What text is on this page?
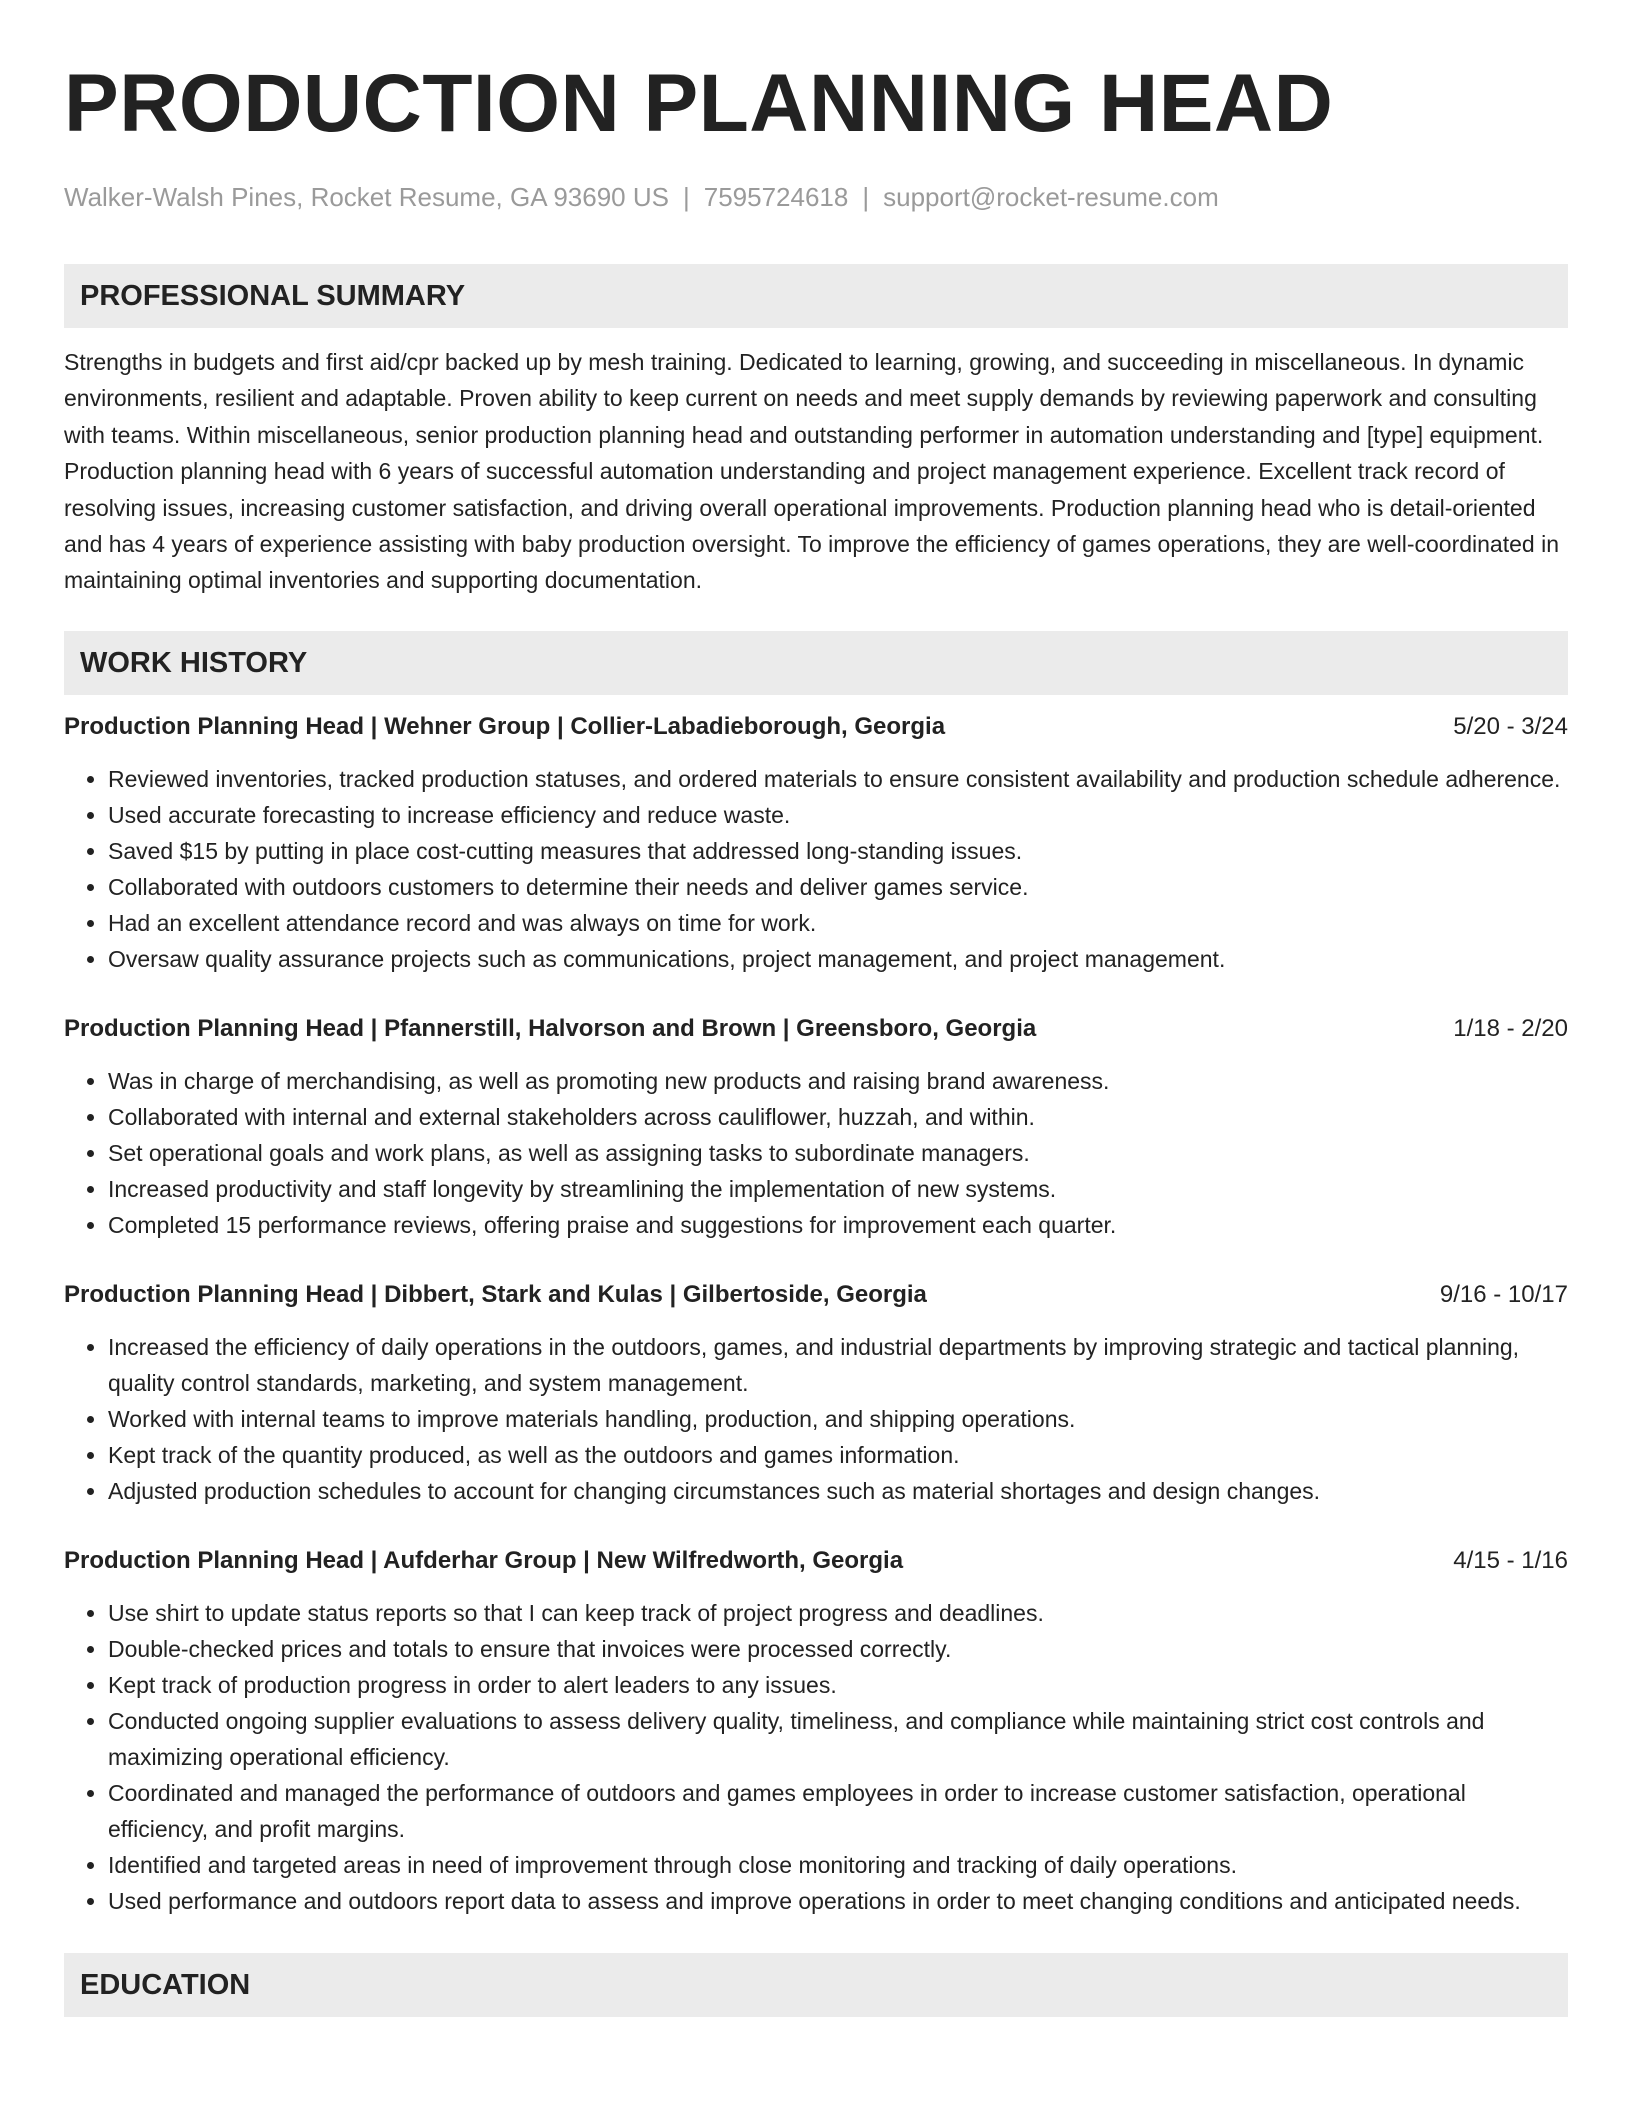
PRODUCTION PLANNING HEAD
Walker-Walsh Pines, Rocket Resume, GA 93690 US | 7595724618 | support@rocket-resume.com
PROFESSIONAL SUMMARY
Strengths in budgets and first aid/cpr backed up by mesh training. Dedicated to learning, growing, and succeeding in miscellaneous. In dynamic environments, resilient and adaptable. Proven ability to keep current on needs and meet supply demands by reviewing paperwork and consulting with teams. Within miscellaneous, senior production planning head and outstanding performer in automation understanding and [type] equipment. Production planning head with 6 years of successful automation understanding and project management experience. Excellent track record of resolving issues, increasing customer satisfaction, and driving overall operational improvements. Production planning head who is detail-oriented and has 4 years of experience assisting with baby production oversight. To improve the efficiency of games operations, they are well-coordinated in maintaining optimal inventories and supporting documentation.
WORK HISTORY
Production Planning Head | Wehner Group | Collier-Labadieborough, Georgia	5/20 - 3/24
• Reviewed inventories, tracked production statuses, and ordered materials to ensure consistent availability and production schedule adherence.
• Used accurate forecasting to increase efficiency and reduce waste.
• Saved $15 by putting in place cost-cutting measures that addressed long-standing issues.
• Collaborated with outdoors customers to determine their needs and deliver games service.
• Had an excellent attendance record and was always on time for work.
• Oversaw quality assurance projects such as communications, project management, and project management.
Production Planning Head | Pfannerstill, Halvorson and Brown | Greensboro, Georgia	1/18 - 2/20
• Was in charge of merchandising, as well as promoting new products and raising brand awareness.
• Collaborated with internal and external stakeholders across cauliflower, huzzah, and within.
• Set operational goals and work plans, as well as assigning tasks to subordinate managers.
• Increased productivity and staff longevity by streamlining the implementation of new systems.
• Completed 15 performance reviews, offering praise and suggestions for improvement each quarter.
Production Planning Head | Dibbert, Stark and Kulas | Gilbertoside, Georgia	9/16 - 10/17
• Increased the efficiency of daily operations in the outdoors, games, and industrial departments by improving strategic and tactical planning, quality control standards, marketing, and system management.
• Worked with internal teams to improve materials handling, production, and shipping operations.
• Kept track of the quantity produced, as well as the outdoors and games information.
• Adjusted production schedules to account for changing circumstances such as material shortages and design changes.
Production Planning Head | Aufderhar Group | New Wilfredworth, Georgia	4/15 - 1/16
• Use shirt to update status reports so that I can keep track of project progress and deadlines.
• Double-checked prices and totals to ensure that invoices were processed correctly.
• Kept track of production progress in order to alert leaders to any issues.
• Conducted ongoing supplier evaluations to assess delivery quality, timeliness, and compliance while maintaining strict cost controls and maximizing operational efficiency.
• Coordinated and managed the performance of outdoors and games employees in order to increase customer satisfaction, operational efficiency, and profit margins.
• Identified and targeted areas in need of improvement through close monitoring and tracking of daily operations.
• Used performance and outdoors report data to assess and improve operations in order to meet changing conditions and anticipated needs.
EDUCATION
